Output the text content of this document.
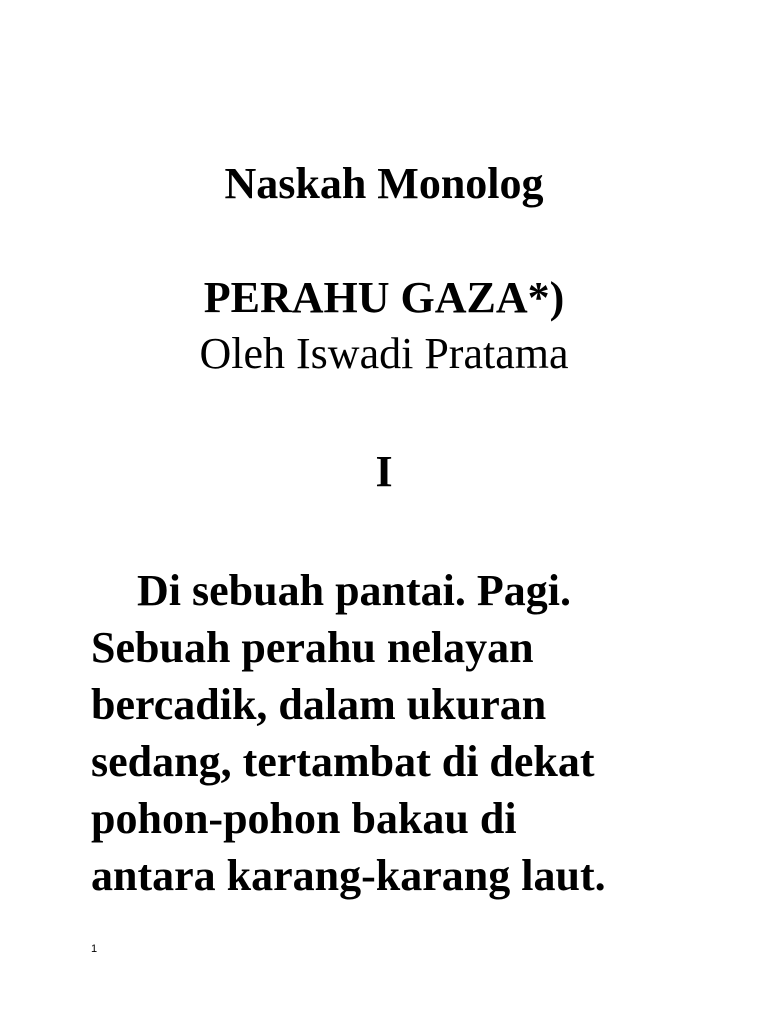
Naskah Monolog
PERAHU GAZA*)
Oleh Iswadi Pratama
I

Di sebuah pantai. Pagi.
Sebuah perahu nelayan
bercadik, dalam ukuran
sedang, tertambat di dekat
pohon-pohon bakau di
antara karang-karang laut.

1
